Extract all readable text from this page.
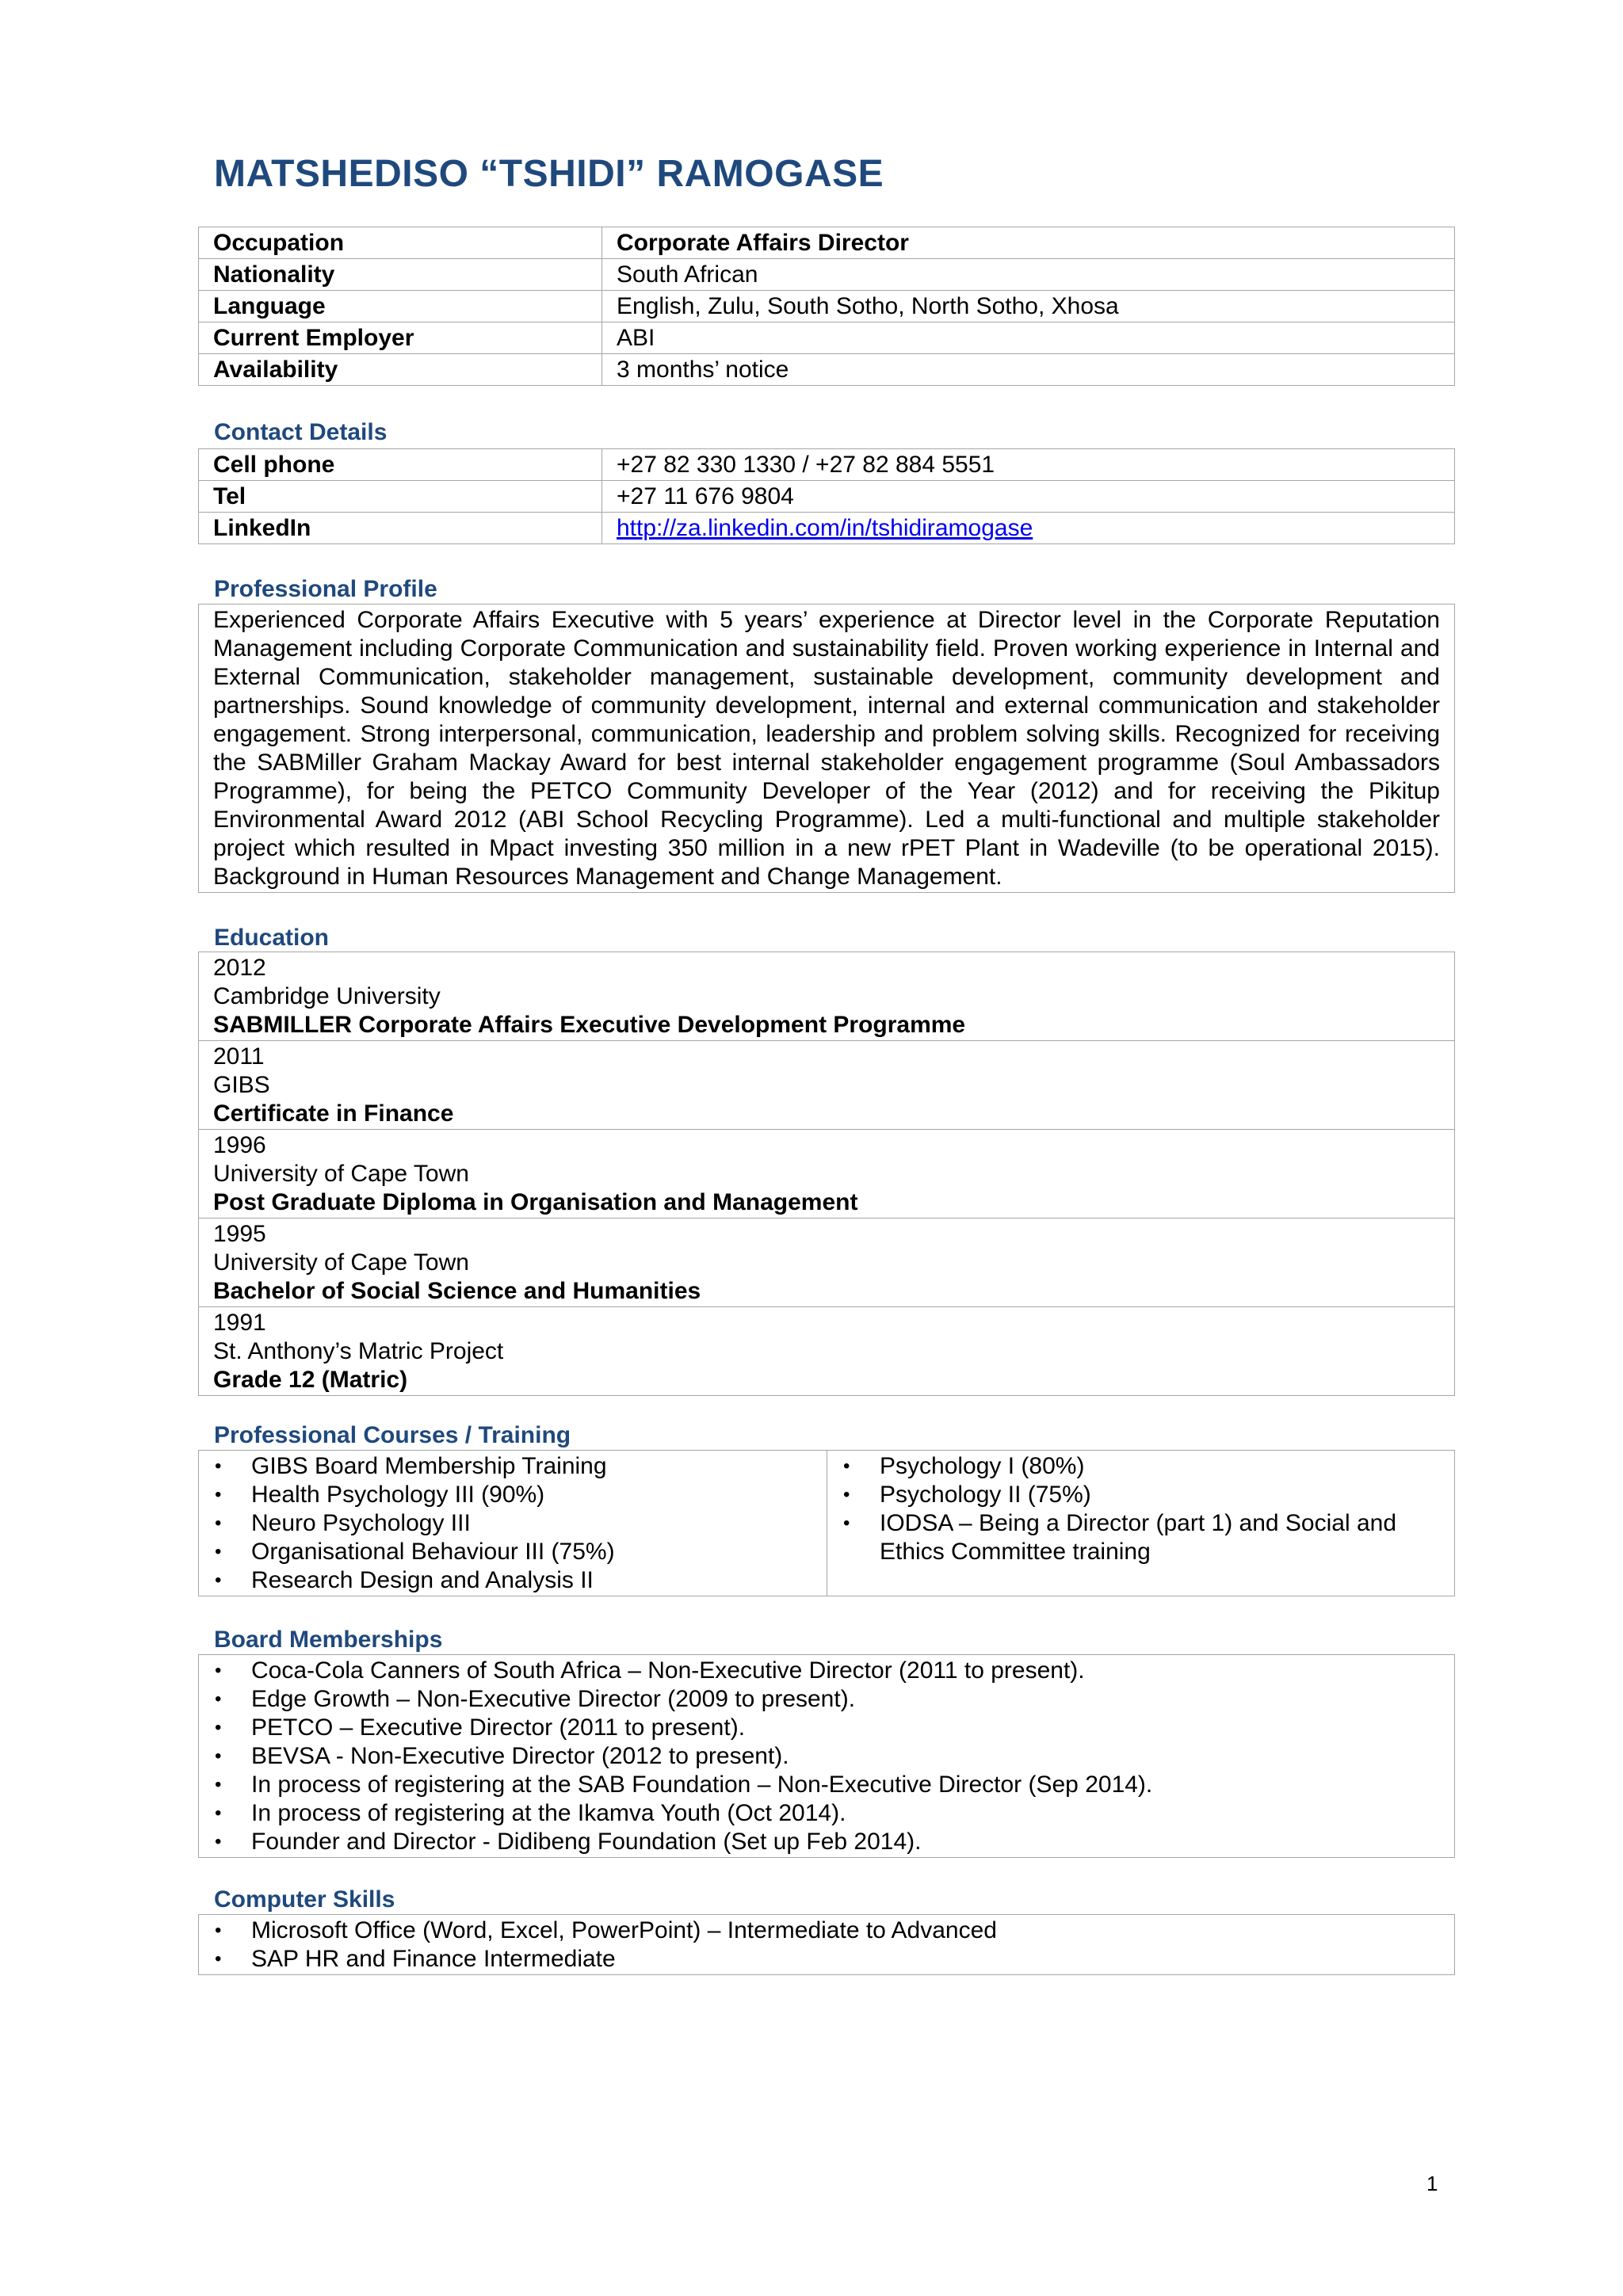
MATSHEDISO “TSHIDI” RAMOGASE
Occupation	Corporate Affairs Director
Nationality	South African
Language	English, Zulu, South Sotho, North Sotho, Xhosa
Current Employer	ABI
Availability	3 months’ notice
Contact Details
Cell phone	+27 82 330 1330 / +27 82 884 5551
Tel	+27 11 676 9804
LinkedIn	http://za.linkedin.com/in/tshidiramogase
Professional Profile

Experienced Corporate Affairs Executive with 5 years’ experience at Director level in the Corporate Reputation Management including Corporate Communication and sustainability field. Proven working experience in Internal and External Communication, stakeholder management, sustainable development, community development and partnerships. Sound knowledge of community development, internal and external communication and stakeholder engagement. Strong interpersonal, communication, leadership and problem solving skills. Recognized for receiving the SABMiller Graham Mackay Award for best internal stakeholder engagement programme (Soul Ambassadors Programme), for being the PETCO Community Developer of the Year (2012) and for receiving the Pikitup Environmental Award 2012 (ABI School Recycling Programme). Led a multi-functional and multiple stakeholder project which resulted in Mpact investing 350 million in a new rPET Plant in Wadeville (to be operational 2015). Background in Human Resources Management and Change Management.

Education
2012
Cambridge University
SABMILLER Corporate Affairs Executive Development Programme

2011
GIBS
Certificate in Finance

1996
University of Cape Town
Post Graduate Diploma in Organisation and Management

1995
University of Cape Town
Bachelor of Social Science and Humanities

1991
St. Anthony’s Matric Project
Grade 12 (Matric)
Professional Courses / Training
• GIBS Board Membership Training
• Health Psychology III (90%)
• Neuro Psychology III
• Organisational Behaviour III (75%)
• Research Design and Analysis II

• Psychology I (80%)
• Psychology II (75%)
• IODSA – Being a Director (part 1) and Social and Ethics Committee training
Board Memberships
• Coca-Cola Canners of South Africa – Non-Executive Director (2011 to present).
• Edge Growth – Non-Executive Director (2009 to present).
• PETCO – Executive Director (2011 to present).
• BEVSA - Non-Executive Director (2012 to present).
• In process of registering at the SAB Foundation – Non-Executive Director (Sep 2014).
• In process of registering at the Ikamva Youth (Oct 2014).
• Founder and Director - Didibeng Foundation (Set up Feb 2014).
Computer Skills
• Microsoft Office (Word, Excel, PowerPoint) – Intermediate to Advanced
• SAP HR and Finance Intermediate
1
